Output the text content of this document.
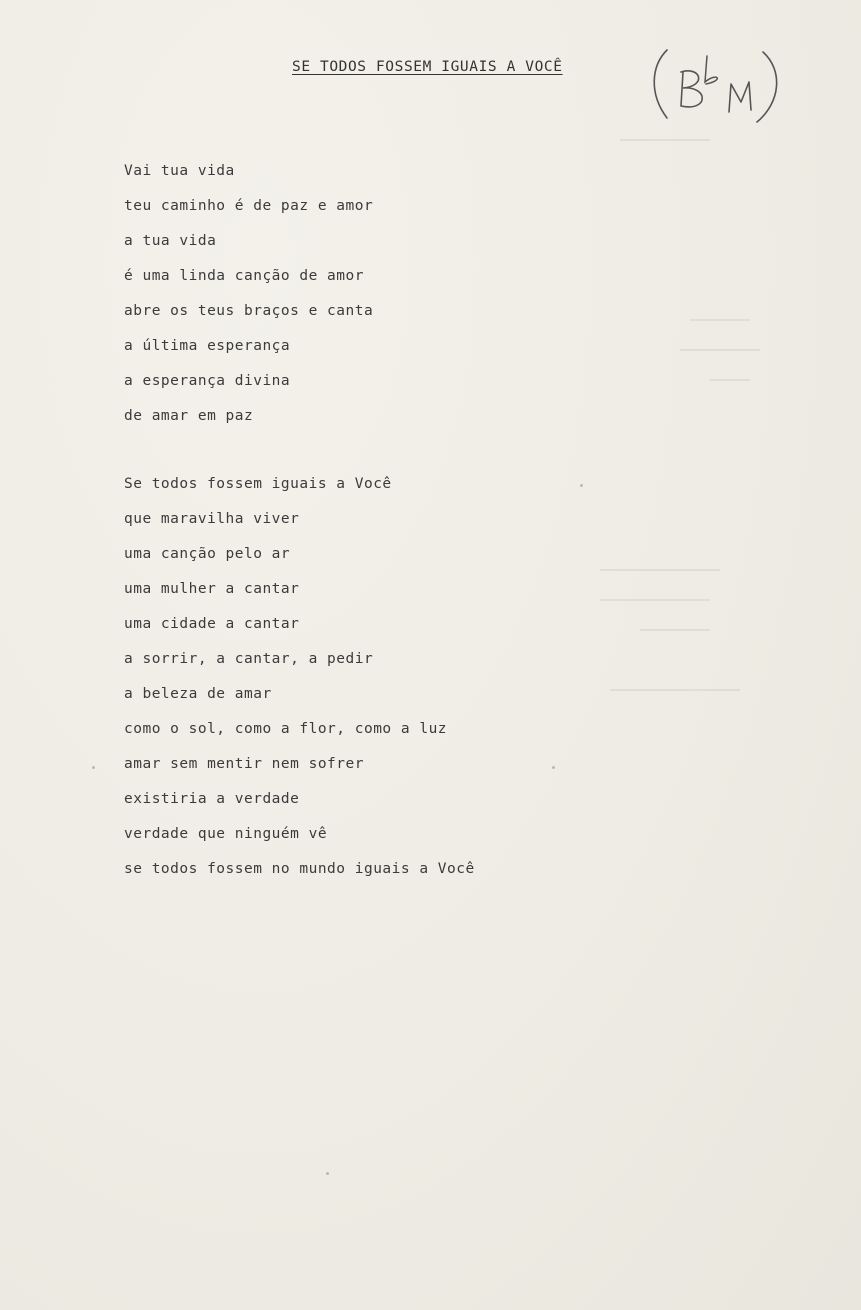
SE TODOS FOSSEM IGUAIS A VOCÊ
Vai tua vida
teu caminho é de paz e amor
a tua vida
é uma linda canção de amor
abre os teus braços e canta
a última esperança
a esperança divina
de amar em paz
Se todos fossem iguais a Você
que maravilha viver
uma canção pelo ar
uma mulher a cantar
uma cidade a cantar
a sorrir, a cantar, a pedir
a beleza de amar
como o sol, como a flor, como a luz
amar sem mentir nem sofrer
existiria a verdade
verdade que ninguém vê
se todos fossem no mundo iguais a Você
